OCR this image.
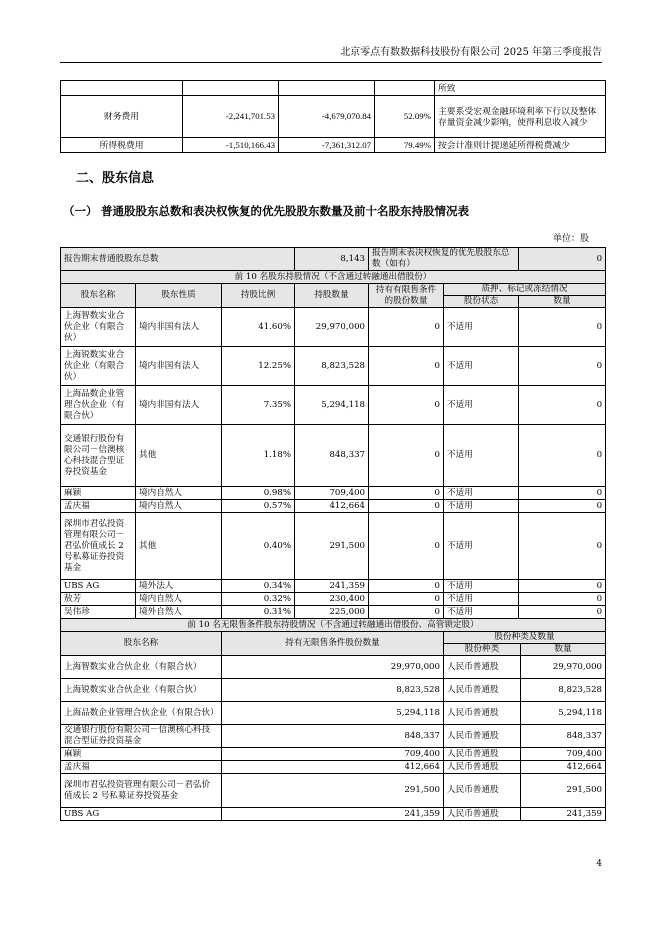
北京零点有数数据科技股份有限公司 2025 年第三季度报告
				所致
财务费用	-2,241,701.53	-4,679,070.84	52.09%	主要系受宏观金融环境利率下行以及整体存量资金减少影响，使得利息收入减少
所得税费用	-1,510,166.43	-7,361,312.07	79.49%	按会计准则计提递延所得税费减少
二、股东信息
（一） 普通股股东总数和表决权恢复的优先股股东数量及前十名股东持股情况表
单位：股
报告期末普通股股东总数			8,143	报告期末表决权恢复的优先股股东总数（如有）		0
前 10 名股东持股情况（不含通过转融通出借股份）						
股东名称	股东性质	持股比例	持股数量	持有有限售条件的股份数量	质押、标记或冻结情况	
					股份状态	数量
上海智数实业合伙企业（有限合伙）	境内非国有法人	41.60%	29,970,000	0	不适用	0
上海锐数实业合伙企业（有限合伙）	境内非国有法人	12.25%	8,823,528	0	不适用	0
上海品数企业管理合伙企业（有限合伙）	境内非国有法人	7.35%	5,294,118	0	不适用	0
交通银行股份有限公司－信澳核心科技混合型证券投资基金	其他	1.18%	848,337	0	不适用	0
麻颖	境内自然人	0.98%	709,400	0	不适用	0
孟庆福	境内自然人	0.57%	412,664	0	不适用	0
深圳市君弘投资管理有限公司－君弘价值成长 2 号私募证券投资基金	其他	0.40%	291,500	0	不适用	0
UBS AG	境外法人	0.34%	241,359	0	不适用	0
敖芳	境内自然人	0.32%	230,400	0	不适用	0
吴伟珍	境外自然人	0.31%	225,000	0	不适用	0
前 10 名无限售条件股东持股情况（不含通过转融通出借股份、高管锁定股）			
股东名称	持有无限售条件股份数量	股份种类及数量	
		股份种类	数量
上海智数实业合伙企业（有限合伙）	29,970,000	人民币普通股	29,970,000
上海锐数实业合伙企业（有限合伙）	8,823,528	人民币普通股	8,823,528
上海品数企业管理合伙企业（有限合伙）	5,294,118	人民币普通股	5,294,118
交通银行股份有限公司－信澳核心科技混合型证券投资基金	848,337	人民币普通股	848,337
麻颖	709,400	人民币普通股	709,400
孟庆福	412,664	人民币普通股	412,664
深圳市君弘投资管理有限公司－君弘价值成长 2 号私募证券投资基金	291,500	人民币普通股	291,500
UBS AG	241,359	人民币普通股	241,359
4
